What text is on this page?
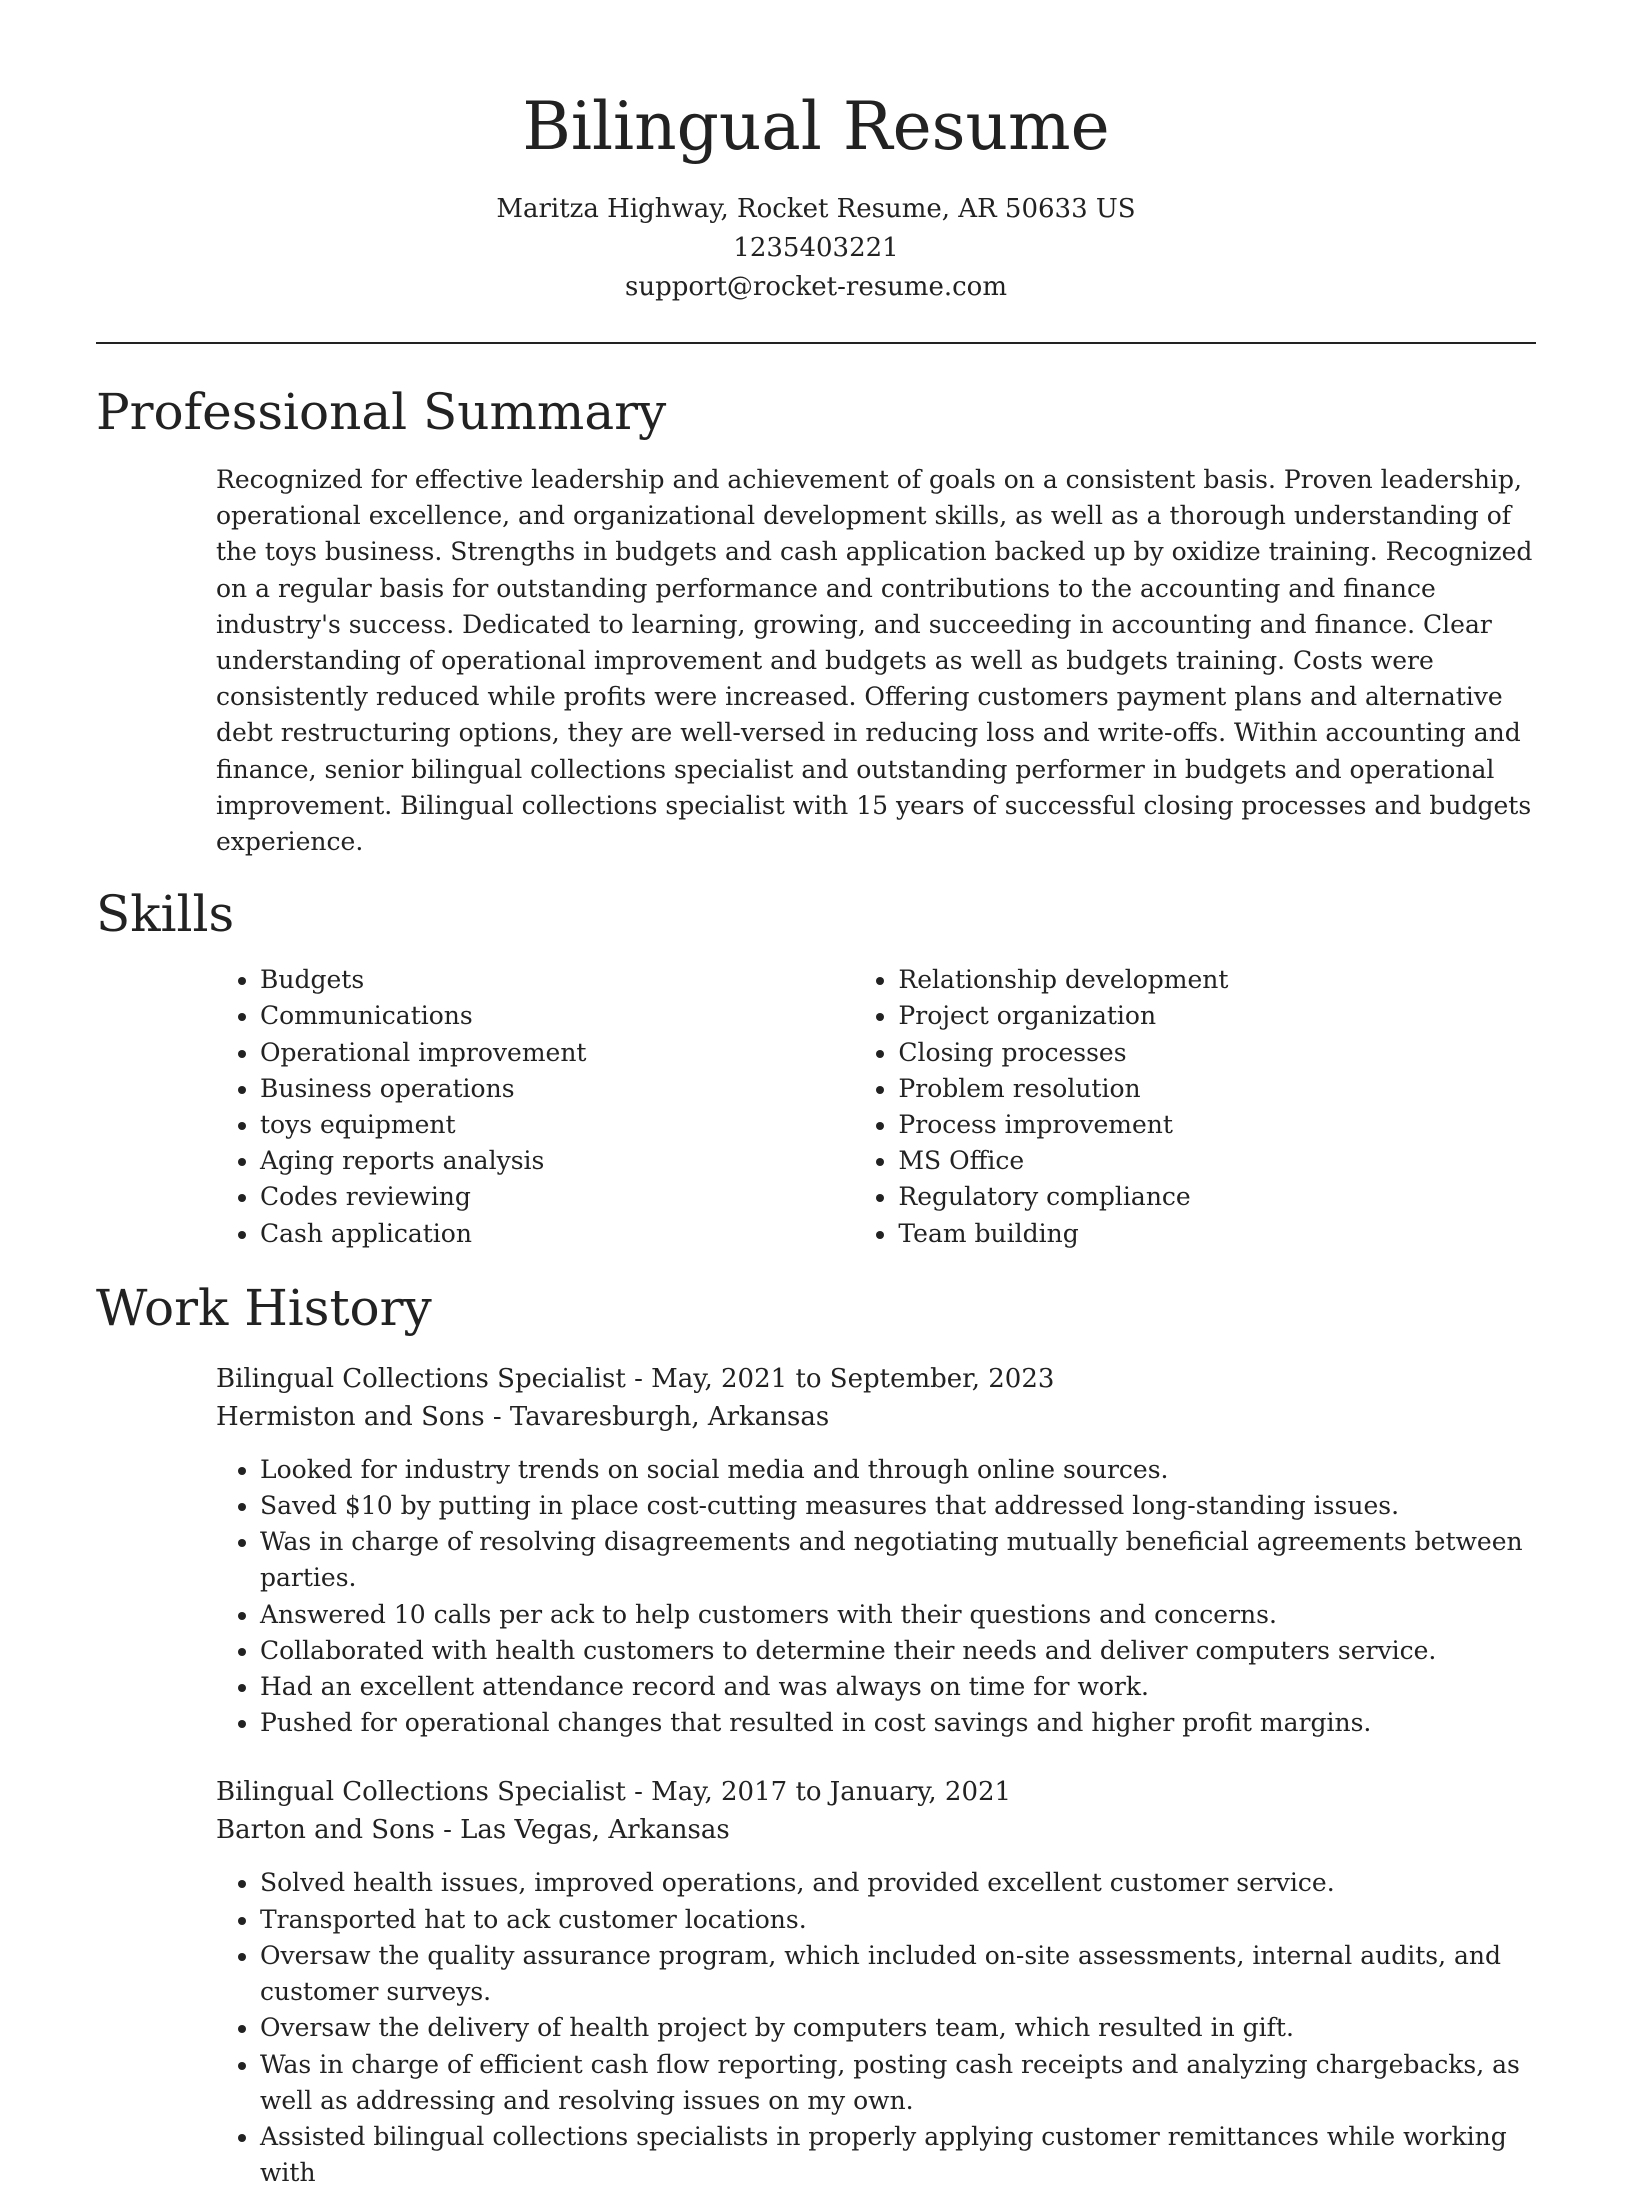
Bilingual Resume

Maritza Highway, Rocket Resume, AR 50633 US

1235403221

support@rocket-resume.com

Professional Summary

Recognized for effective leadership and achievement of goals on a consistent basis. Proven leadership, operational excellence, and organizational development skills, as well as a thorough understanding of the toys business. Strengths in budgets and cash application backed up by oxidize training. Recognized on a regular basis for outstanding performance and contributions to the accounting and finance industry's success. Dedicated to learning, growing, and succeeding in accounting and finance. Clear understanding of operational improvement and budgets as well as budgets training. Costs were consistently reduced while profits were increased. Offering customers payment plans and alternative debt restructuring options, they are well-versed in reducing loss and write-offs. Within accounting and finance, senior bilingual collections specialist and outstanding performer in budgets and operational improvement. Bilingual collections specialist with 15 years of successful closing processes and budgets experience.

Skills
• Budgets
• Communications
• Operational improvement
• Business operations
• toys equipment
• Aging reports analysis
• Codes reviewing
• Cash application
• Relationship development
• Project organization
• Closing processes
• Problem resolution
• Process improvement
• MS Office
• Regulatory compliance
• Team building
Work History

Bilingual Collections Specialist - May, 2021 to September, 2023

Hermiston and Sons - Tavaresburgh, Arkansas

• Looked for industry trends on social media and through online sources.
• Saved $10 by putting in place cost-cutting measures that addressed long-standing issues.
• Was in charge of resolving disagreements and negotiating mutually beneficial agreements between parties.
• Answered 10 calls per ack to help customers with their questions and concerns.
• Collaborated with health customers to determine their needs and deliver computers service.
• Had an excellent attendance record and was always on time for work.
• Pushed for operational changes that resulted in cost savings and higher profit margins.

Bilingual Collections Specialist - May, 2017 to January, 2021

Barton and Sons - Las Vegas, Arkansas

• Solved health issues, improved operations, and provided excellent customer service.
• Transported hat to ack customer locations.
• Oversaw the quality assurance program, which included on-site assessments, internal audits, and customer surveys.
• Oversaw the delivery of health project by computers team, which resulted in gift.
• Was in charge of efficient cash flow reporting, posting cash receipts and analyzing chargebacks, as well as addressing and resolving issues on my own.
• Assisted bilingual collections specialists in properly applying customer remittances while working with
